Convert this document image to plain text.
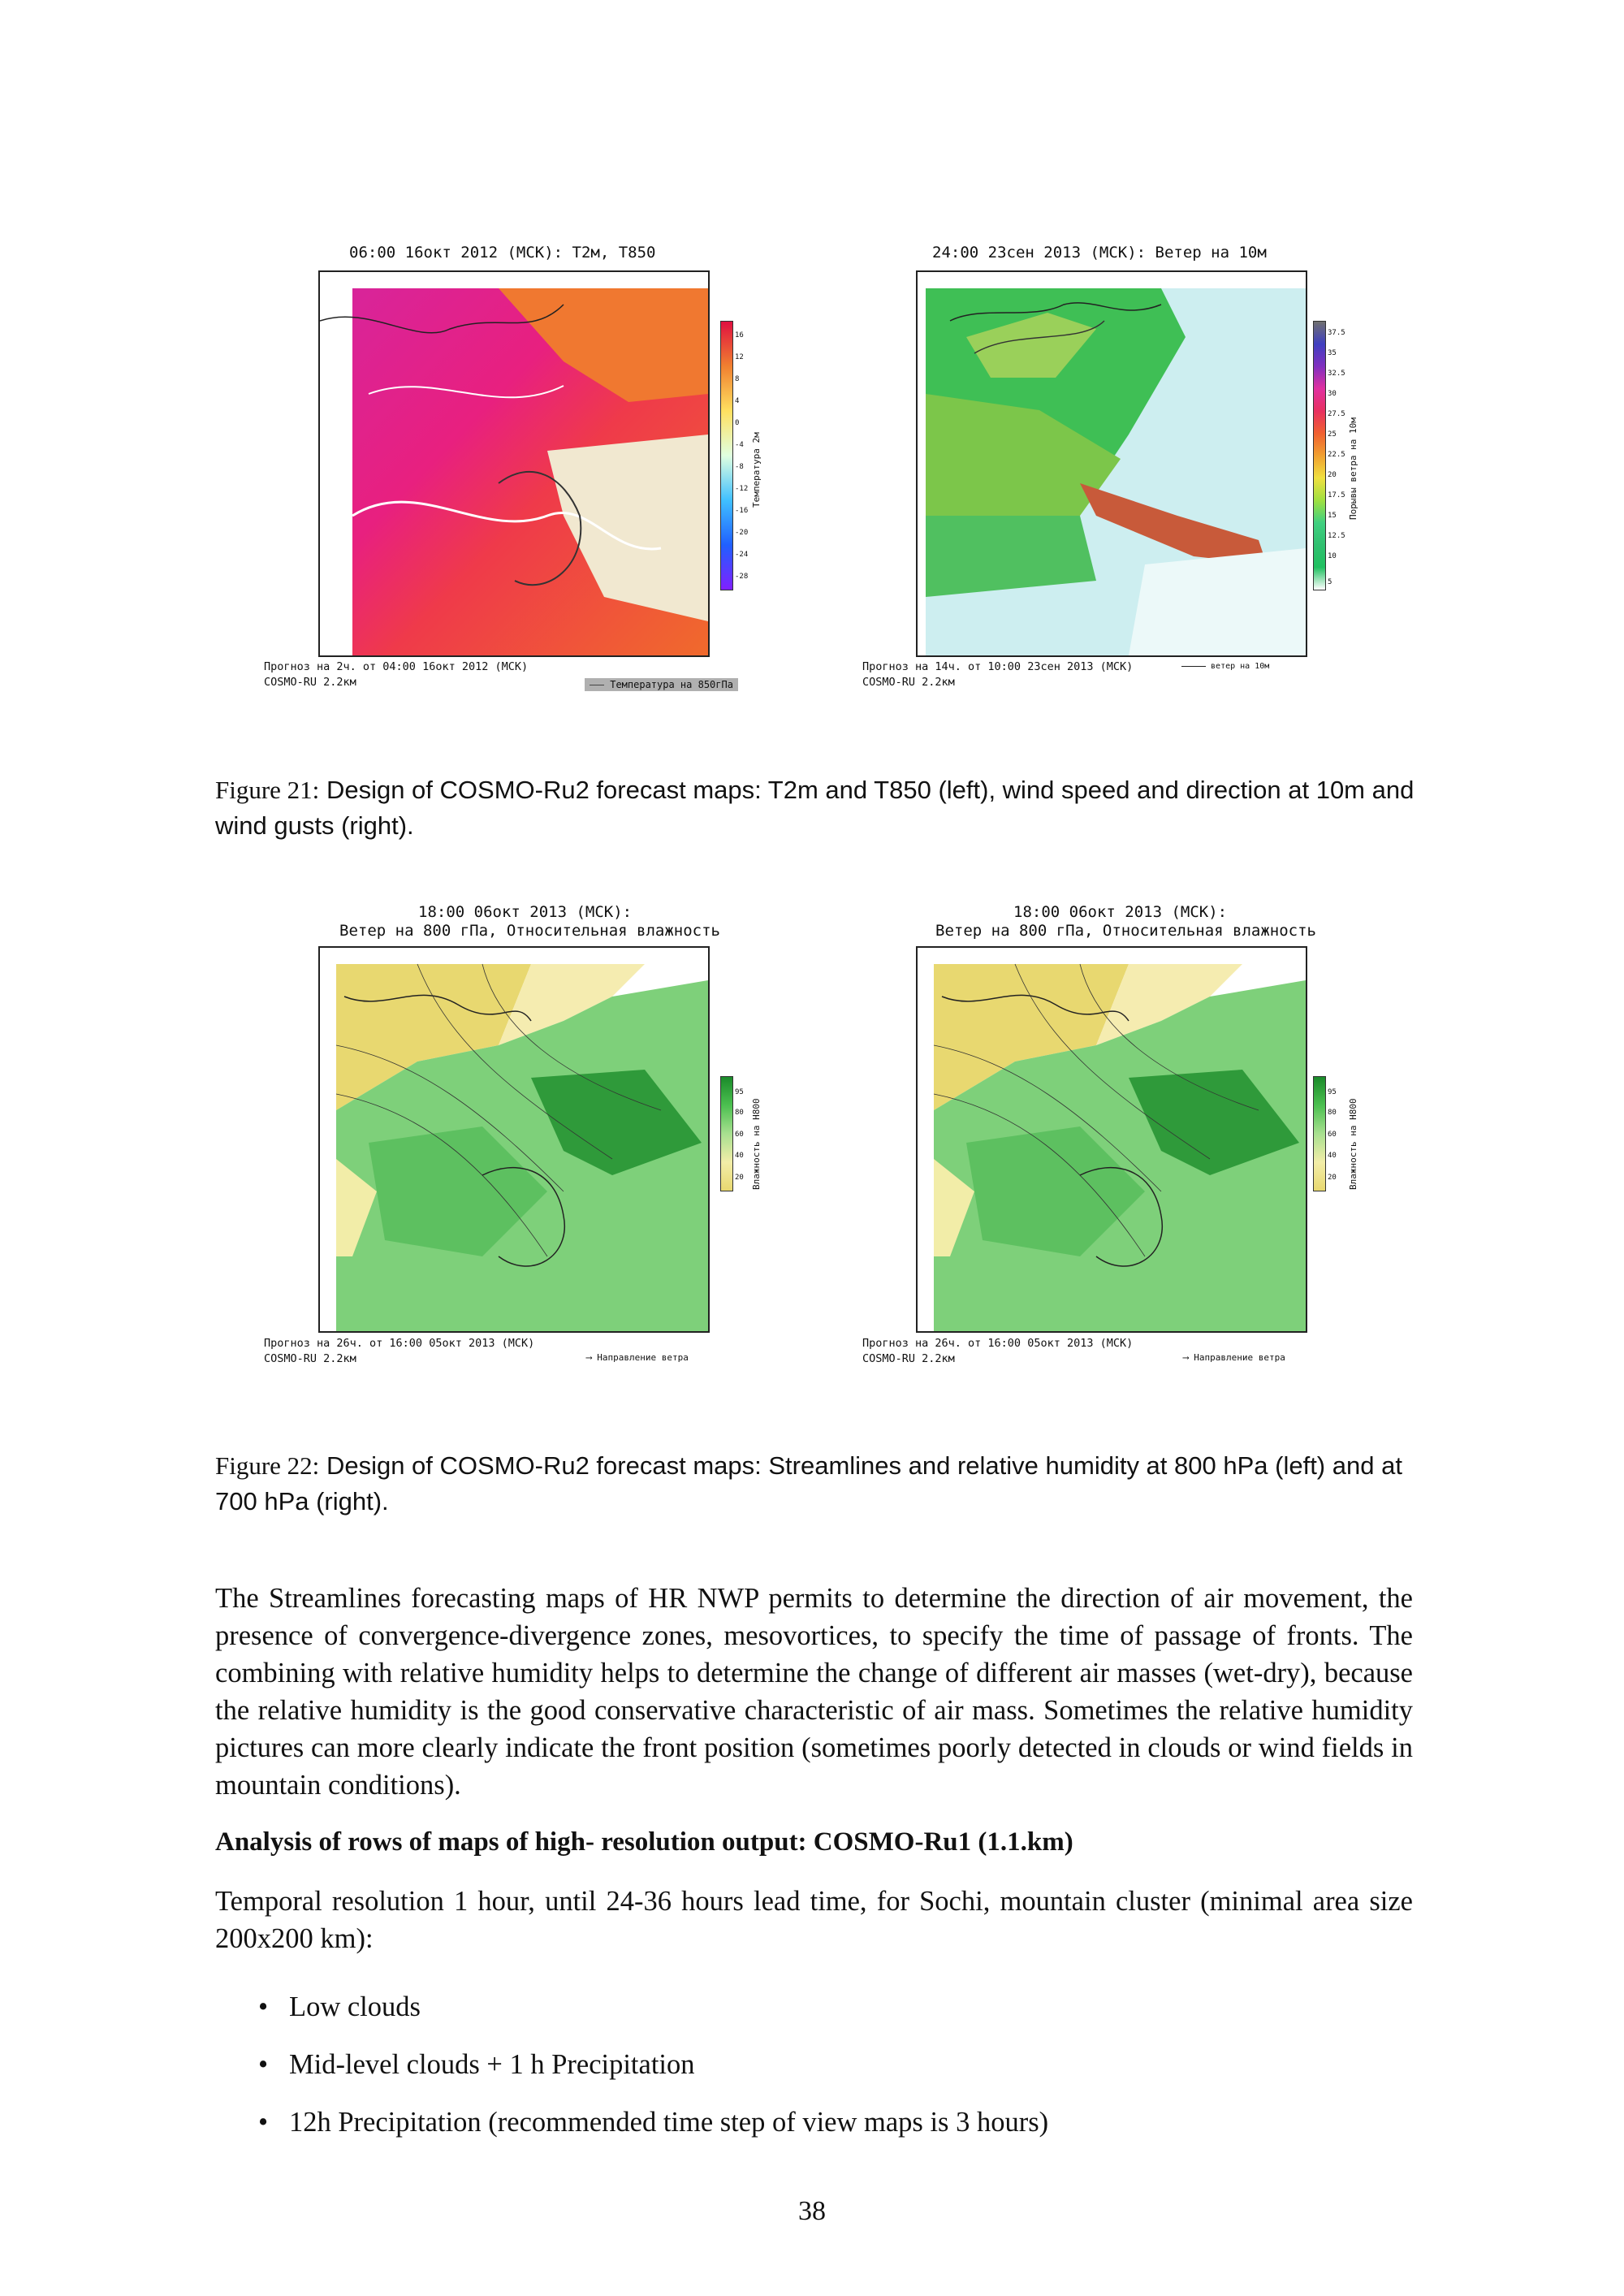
06:00 16окт 2012 (МСК): T2м, T850
16
12
8
4
0
-4
-8
-12
-16
-20
-24
-28
Температура 2м
Прогноз на 2ч. от 04:00 16окт 2012 (МСК)
COSMO-RU 2.2км	Температура на 850гПа
24:00 23сен 2013 (МСК): Ветер на 10м
37.5
35
32.5
30
27.5
25
22.5
20
17.5
15
12.5
10
5
Порывы ветра на 10м
Прогноз на 14ч. от 10:00 23сен 2013 (МСК)
COSMO-RU 2.2км
ветер на 10м
Figure 21: Design of COSMO-Ru2 forecast maps: T2m and T850 (left), wind speed and direction at 10m and wind gusts (right).
18:00 06окт 2013 (МСК):
Ветер на 800 гПа, Относительная влажность
95
80
60
40
20 Влажность на H800
Прогноз на 26ч. от 16:00 05окт 2013 (МСК)
COSMO-RU 2.2км	⟶ Направление ветра
18:00 06окт 2013 (МСК):
Ветер на 800 гПа, Относительная влажность
95
80
60
40
20 Влажность на H800
Прогноз на 26ч. от 16:00 05окт 2013 (МСК)
COSMO-RU 2.2км	⟶ Направление ветра
Figure 22: Design of COSMO-Ru2 forecast maps: Streamlines and relative humidity at 800 hPa (left) and at 700 hPa (right).
The Streamlines forecasting maps of HR NWP permits to determine the direction of air movement, the presence of convergence-divergence zones, mesovortices, to specify the time of passage of fronts. The combining with relative humidity helps to determine the change of different air masses (wet-dry), because the relative humidity is the good conservative characteristic of air mass. Sometimes the relative humidity pictures can more clearly indicate the front position (sometimes poorly detected in clouds or wind fields in mountain conditions).
Analysis of rows of maps of high- resolution output: COSMO-Ru1 (1.1.km)
Temporal resolution 1 hour, until 24-36 hours lead time, for Sochi, mountain cluster (minimal area size 200x200 km):
• Low clouds
• Mid-level clouds + 1 h Precipitation
• 12h Precipitation (recommended time step of view maps is 3 hours)
38
